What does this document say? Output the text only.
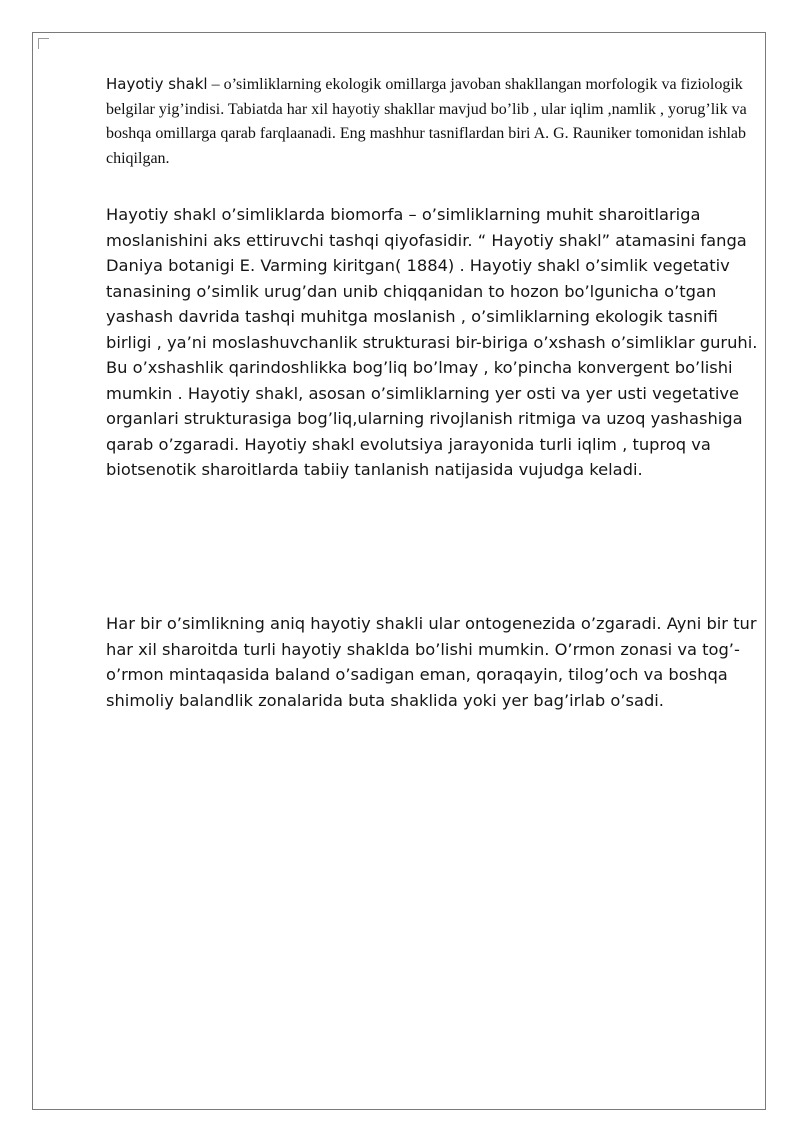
Hayotiy shakl – o’simliklarning ekologik omillarga javoban shakllangan morfologik va fiziologik belgilar yig’indisi. Tabiatda har xil hayotiy shakllar mavjud bo’lib , ular iqlim ,namlik , yorug’lik va boshqa omillarga qarab farqlaanadi. Eng mashhur tasniflardan biri A. G. Rauniker tomonidan ishlab chiqilgan.

Hayotiy shakl o’simliklarda biomorfa – o’simliklarning muhit sharoitlariga moslanishini aks ettiruvchi tashqi qiyofasidir. “ Hayotiy shakl” atamasini fanga Daniya botanigi E. Varming kiritgan( 1884) . Hayotiy shakl o’simlik vegetativ tanasining o’simlik urug’dan unib chiqqanidan to hozon bo’lgunicha o’tgan yashash davrida tashqi muhitga moslanish , o’simliklarning ekologik tasnifi birligi , ya’ni moslashuvchanlik strukturasi bir-biriga o’xshash o’simliklar guruhi. Bu o’xshashlik qarindoshlikka bog’liq bo’lmay , ko’pincha konvergent bo’lishi mumkin . Hayotiy shakl, asosan o’simliklarning yer osti va yer usti vegetative organlari strukturasiga bog’liq,ularning rivojlanish ritmiga va uzoq yashashiga qarab o’zgaradi. Hayotiy shakl evolutsiya jarayonida turli iqlim , tuproq va biotsenotik sharoitlarda tabiiy tanlanish natijasida vujudga keladi.

Har bir o’simlikning aniq hayotiy shakli ular ontogenezida o’zgaradi. Ayni bir tur har xil sharoitda turli hayotiy shaklda bo’lishi mumkin. O’rmon zonasi va tog’-o’rmon mintaqasida baland o’sadigan eman, qoraqayin, tilog’och va boshqa shimoliy balandlik zonalarida buta shaklida yoki yer bag’irlab o’sadi.
